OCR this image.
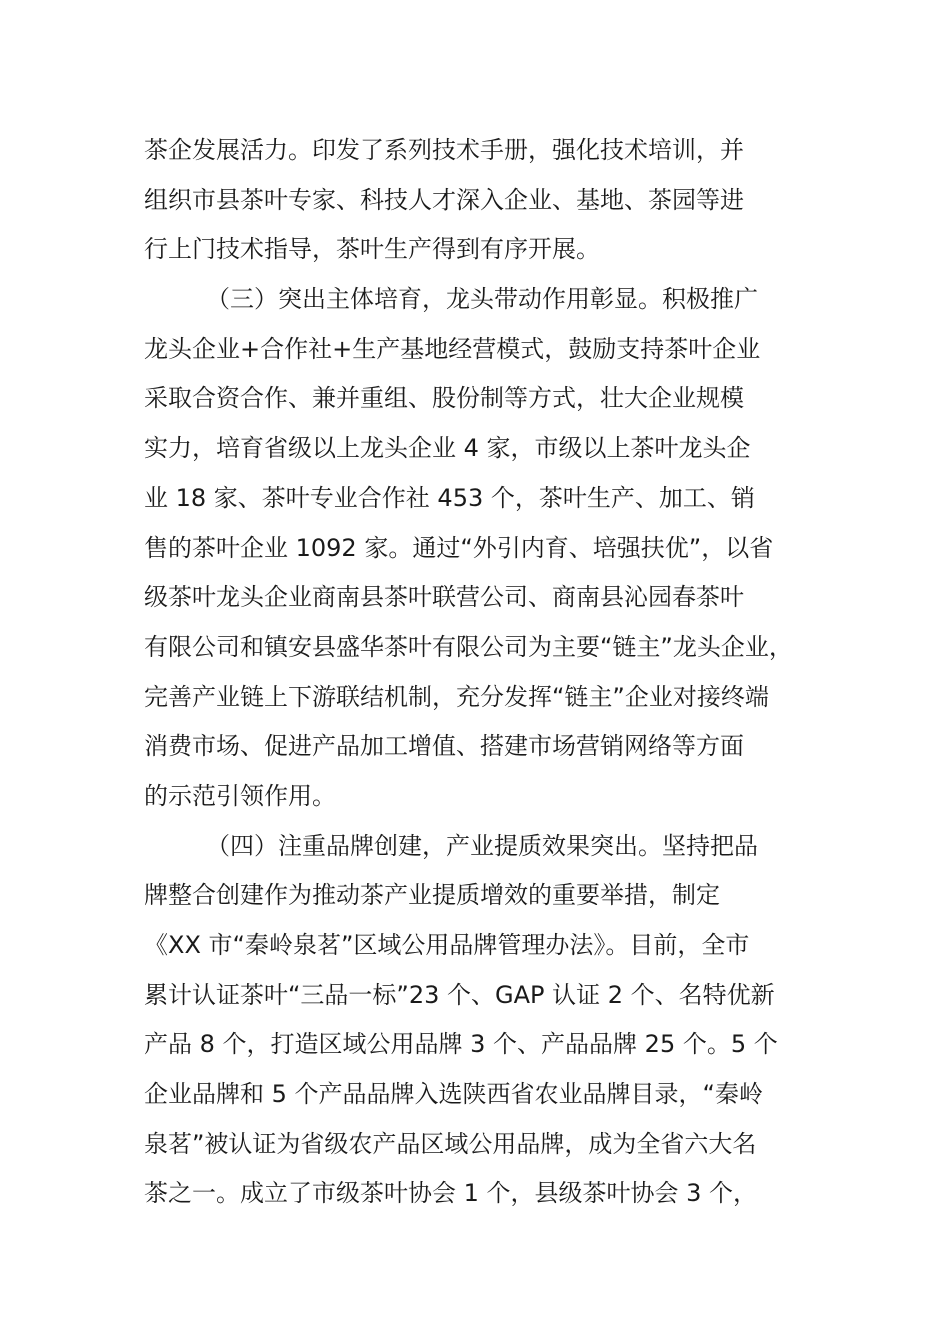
茶企发展活力。印发了系列技术手册，强化技术培训，并
组织市县茶叶专家、科技人才深入企业、基地、茶园等进
行上门技术指导，茶叶生产得到有序开展。
（三）突出主体培育，龙头带动作用彰显。积极推广
龙头企业+合作社+生产基地经营模式，鼓励支持茶叶企业
采取合资合作、兼并重组、股份制等方式，壮大企业规模
实力，培育省级以上龙头企业 4 家，市级以上茶叶龙头企
业 18 家、茶叶专业合作社 453 个，茶叶生产、加工、销
售的茶叶企业 1092 家。通过“外引内育、培强扶优”，以省
级茶叶龙头企业商南县茶叶联营公司、商南县沁园春茶叶
有限公司和镇安县盛华茶叶有限公司为主要“链主”龙头企业，
完善产业链上下游联结机制，充分发挥“链主”企业对接终端
消费市场、促进产品加工增值、搭建市场营销网络等方面
的示范引领作用。
（四）注重品牌创建，产业提质效果突出。坚持把品
牌整合创建作为推动茶产业提质增效的重要举措，制定
《XX 市“秦岭泉茗”区域公用品牌管理办法》。目前，全市
累计认证茶叶“三品一标”23 个、GAP 认证 2 个、名特优新
产品 8 个，打造区域公用品牌 3 个、产品品牌 25 个。5 个
企业品牌和 5 个产品品牌入选陕西省农业品牌目录，“秦岭
泉茗”被认证为省级农产品区域公用品牌，成为全省六大名
茶之一。成立了市级茶叶协会 1 个，县级茶叶协会 3 个，
